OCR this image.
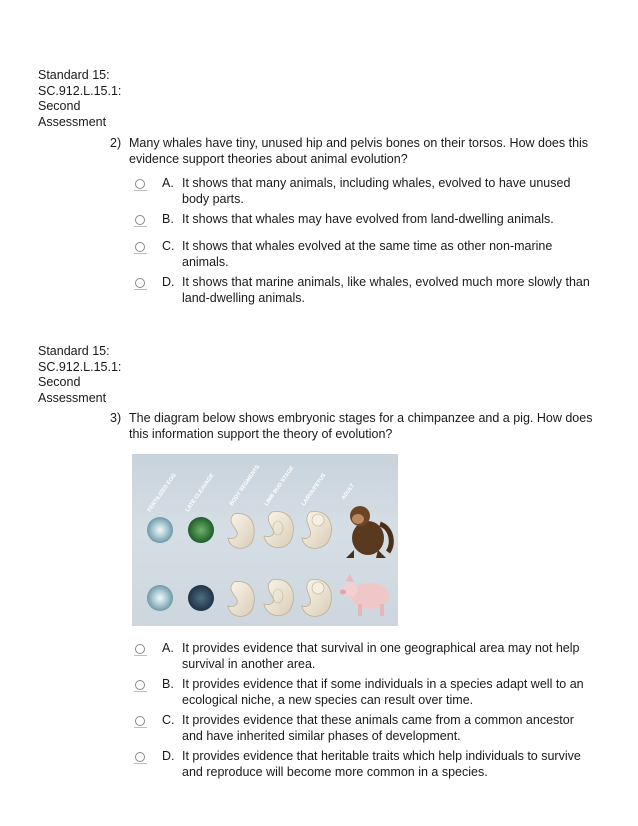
Standard 15:
SC.912.L.15.1:
Second
Assessment
2) Many whales have tiny, unused hip and pelvis bones on their torsos. How does this evidence support theories about animal evolution?
A. It shows that many animals, including whales, evolved to have unused body parts.
B. It shows that whales may have evolved from land-dwelling animals.
C. It shows that whales evolved at the same time as other non-marine animals.
D. It shows that marine animals, like whales, evolved much more slowly than land-dwelling animals.
Standard 15:
SC.912.L.15.1:
Second
Assessment
3) The diagram below shows embryonic stages for a chimpanzee and a pig. How does this information support the theory of evolution?
FERTILIZED EGG LATE CLEAVAGE BODY SEGMENTS LIMB BUD STAGE LARVA/FETUS ADULT
A. It provides evidence that survival in one geographical area may not help survival in another area.
B. It provides evidence that if some individuals in a species adapt well to an ecological niche, a new species can result over time.
C. It provides evidence that these animals came from a common ancestor and have inherited similar phases of development.
D. It provides evidence that heritable traits which help individuals to survive and reproduce will become more common in a species.
